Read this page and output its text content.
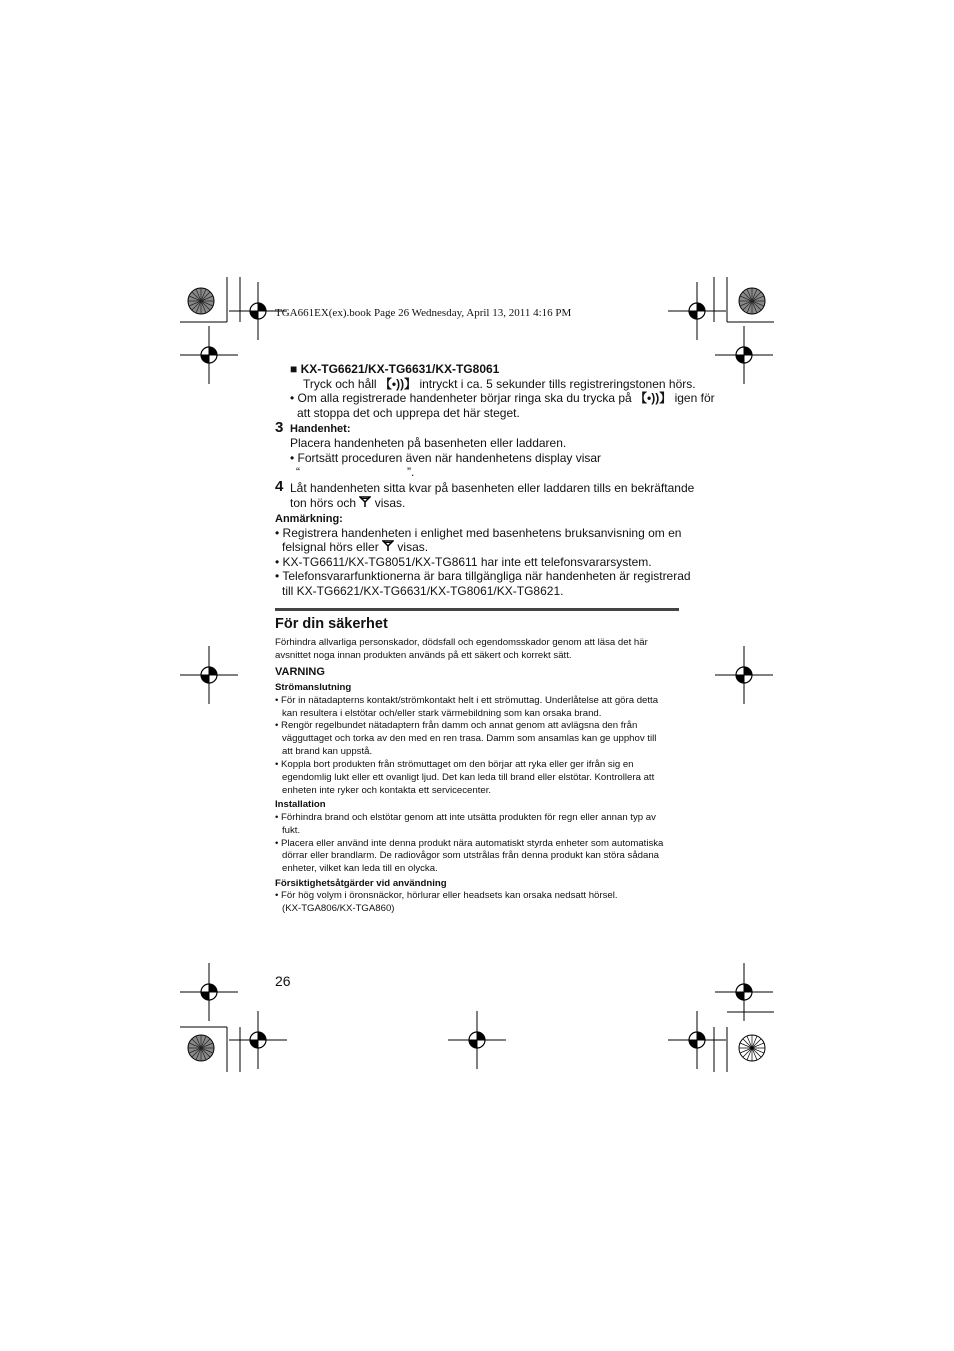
TGA661EX(ex).book Page 26 Wednesday, April 13, 2011 4:16 PM
■ KX-TG6621/KX-TG6631/KX-TG8061
Tryck och håll 【•))】 intryckt i ca. 5 sekunder tills registreringstonen hörs.
• Om alla registrerade handenheter börjar ringa ska du trycka på 【•))】 igen för
att stoppa det och upprepa det här steget.
3 Handenhet:
Placera handenheten på basenheten eller laddaren.
• Fortsätt proceduren även när handenhetens display visar
“	”.
4 Låt handenheten sitta kvar på basenheten eller laddaren tills en bekräftande
ton hörs och  visas.
Anmärkning:
• Registrera handenheten i enlighet med basenhetens bruksanvisning om en
felsignal hörs eller  visas.
• KX-TG6611/KX-TG8051/KX-TG8611 har inte ett telefonsvararsystem.
• Telefonsvararfunktionerna är bara tillgängliga när handenheten är registrerad
till KX-TG6621/KX-TG6631/KX-TG8061/KX-TG8621.
För din säkerhet
Förhindra allvarliga personskador, dödsfall och egendomsskador genom att läsa det här
avsnittet noga innan produkten används på ett säkert och korrekt sätt.
VARNING
Strömanslutning
• För in nätadapterns kontakt/strömkontakt helt i ett strömuttag. Underlåtelse att göra detta
kan resultera i elstötar och/eller stark värmebildning som kan orsaka brand.
• Rengör regelbundet nätadaptern från damm och annat genom att avlägsna den från
vägguttaget och torka av den med en ren trasa. Damm som ansamlas kan ge upphov till
att brand kan uppstå.
• Koppla bort produkten från strömuttaget om den börjar att ryka eller ger ifrån sig en
egendomlig lukt eller ett ovanligt ljud. Det kan leda till brand eller elstötar. Kontrollera att
enheten inte ryker och kontakta ett servicecenter.
Installation
• Förhindra brand och elstötar genom att inte utsätta produkten för regn eller annan typ av
fukt.
• Placera eller använd inte denna produkt nära automatiskt styrda enheter som automatiska
dörrar eller brandlarm. De radiovågor som utstrålas från denna produkt kan störa sådana
enheter, vilket kan leda till en olycka.
Försiktighetsåtgärder vid användning
• För hög volym i öronsnäckor, hörlurar eller headsets kan orsaka nedsatt hörsel.
(KX-TGA806/KX-TGA860)
26
